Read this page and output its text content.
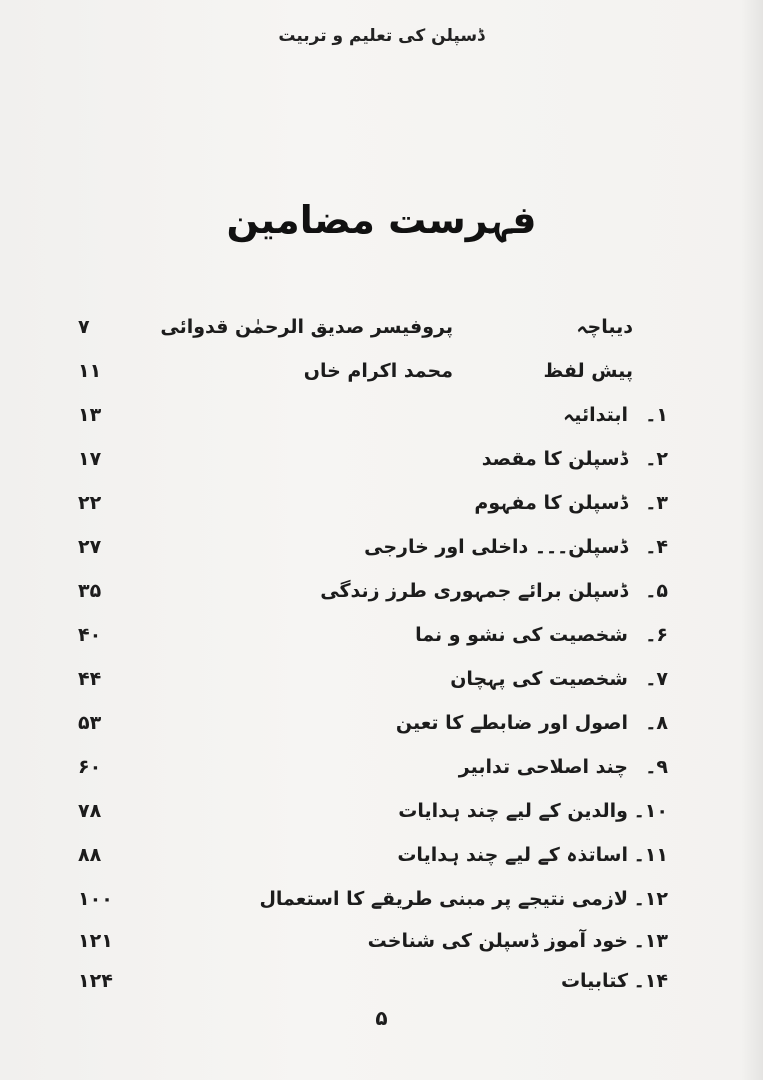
ڈسپلن کی تعلیم و تربیت
فہرست مضامین
دیباچہ
پروفیسر صدیق الرحمٰن قدوائی
۷
پیش لفظ
محمد اکرام خاں
۱۱
۱۔
ابتدائیہ
۱۳
۲۔
ڈسپلن کا مقصد
۱۷
۳۔
ڈسپلن کا مفہوم
۲۲
۴۔
ڈسپلن۔۔۔ داخلی اور خارجی
۲۷
۵۔
ڈسپلن برائے جمہوری طرز زندگی
۳۵
۶۔
شخصیت کی نشو و نما
۴۰
۷۔
شخصیت کی پہچان
۴۴
۸۔
اصول اور ضابطے کا تعین
۵۳
۹۔
چند اصلاحی تدابیر
۶۰
۱۰۔
والدین کے لیے چند ہدایات
۷۸
۱۱۔
اساتذہ کے لیے چند ہدایات
۸۸
۱۲۔
لازمی نتیجے پر مبنی طریقے کا استعمال
۱۰۰
۱۳۔
خود آموز ڈسپلن کی شناخت
۱۲۱
۱۴۔
کتابیات
۱۲۴
۵
